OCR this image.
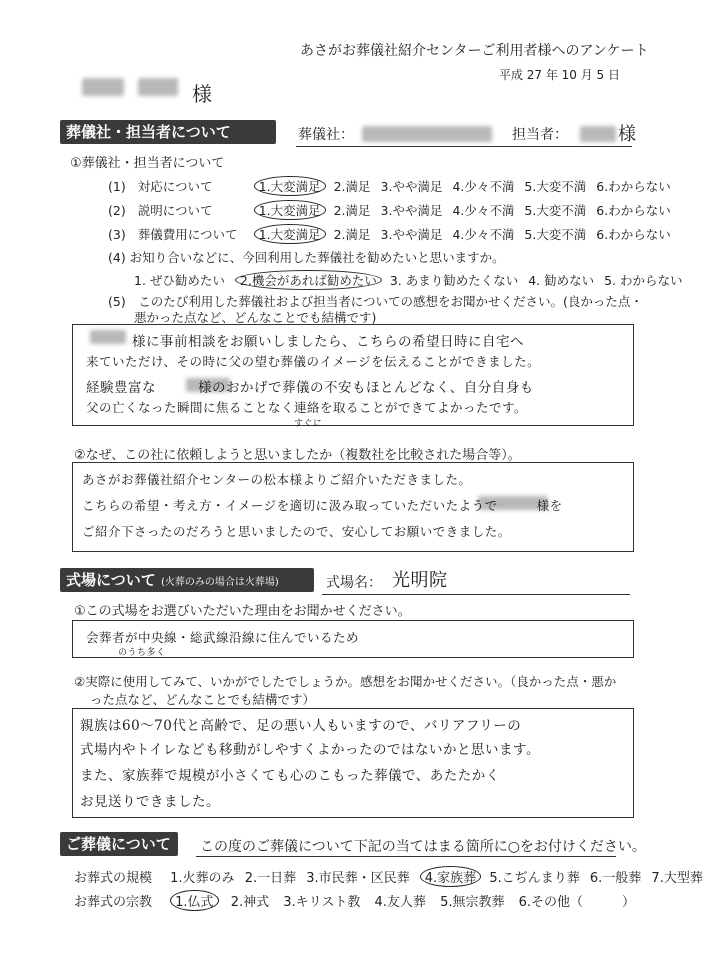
あさがお葬儀社紹介センターご利用者様へのアンケート
平成 27 年 10 月 5 日
様
葬儀社・担当者について	葬儀社：	担当者：	様
①葬儀社・担当者について
(1) 対応について	1.大変満足 2.満足 3.やや満足 4.少々不満 5.大変不満 6.わからない
(2) 説明について	1.大変満足 2.満足 3.やや満足 4.少々不満 5.大変不満 6.わからない
(3) 葬儀費用について 1.大変満足 2.満足 3.やや満足 4.少々不満 5.大変不満 6.わからない
(4) お知り合いなどに、今回利用した葬儀社を勧めたいと思いますか。
1. ぜひ勧めたい 2.機会があれば勧めたい 3. あまり勧めたくない 4. 勧めない 5. わからない
(5)　このたび利用した葬儀社および担当者についての感想をお聞かせください。(良かった点・
悪かった点など、どんなことでも結構です)
様に事前相談をお願いしましたら、こちらの希望日時に自宅へ
来ていただけ、その時に父の望む葬儀のイメージを伝えることができました。
経験豊富な　　　様のおかげで葬儀の不安もほとんどなく、自分自身も
父の亡くなった瞬間に焦ることなく連絡を取ることができてよかったです。
すぐに
②なぜ、この社に依頼しようと思いましたか（複数社を比較された場合等）。
あさがお葬儀社紹介センターの松本様よりご紹介いただきました。
こちらの希望・考え方・イメージを適切に汲み取っていただいたようで　　　様を
ご紹介下さったのだろうと思いましたので、安心してお願いできました。
式場について (火葬のみの場合は火葬場)	式場名： 光明院
①この式場をお選びいただいた理由をお聞かせください。
会葬者が中央線・総武線沿線に住んでいるため
のうち多く
②実際に使用してみて、いかがでしたでしょうか。感想をお聞かせください。（良かった点・悪か
った点など、どんなことでも結構です）
親族は60〜70代と高齢で、足の悪い人もいますので、バリアフリーの
式場内やトイレなども移動がしやすくよかったのではないかと思います。
また、家族葬で規模が小さくても心のこもった葬儀で、あたたかく
お見送りできました。
ご葬儀について	この度のご葬儀について下記の当てはまる箇所に○をお付けください。
お葬式の規模 1.火葬のみ 2.一日葬 3.市民葬・区民葬 4.家族葬 5.こぢんまり葬 6.一般葬 7.大型葬
お葬式の宗教 1.仏式 2.神式 3.キリスト教 4.友人葬 5.無宗教葬 6.その他（　　　）
